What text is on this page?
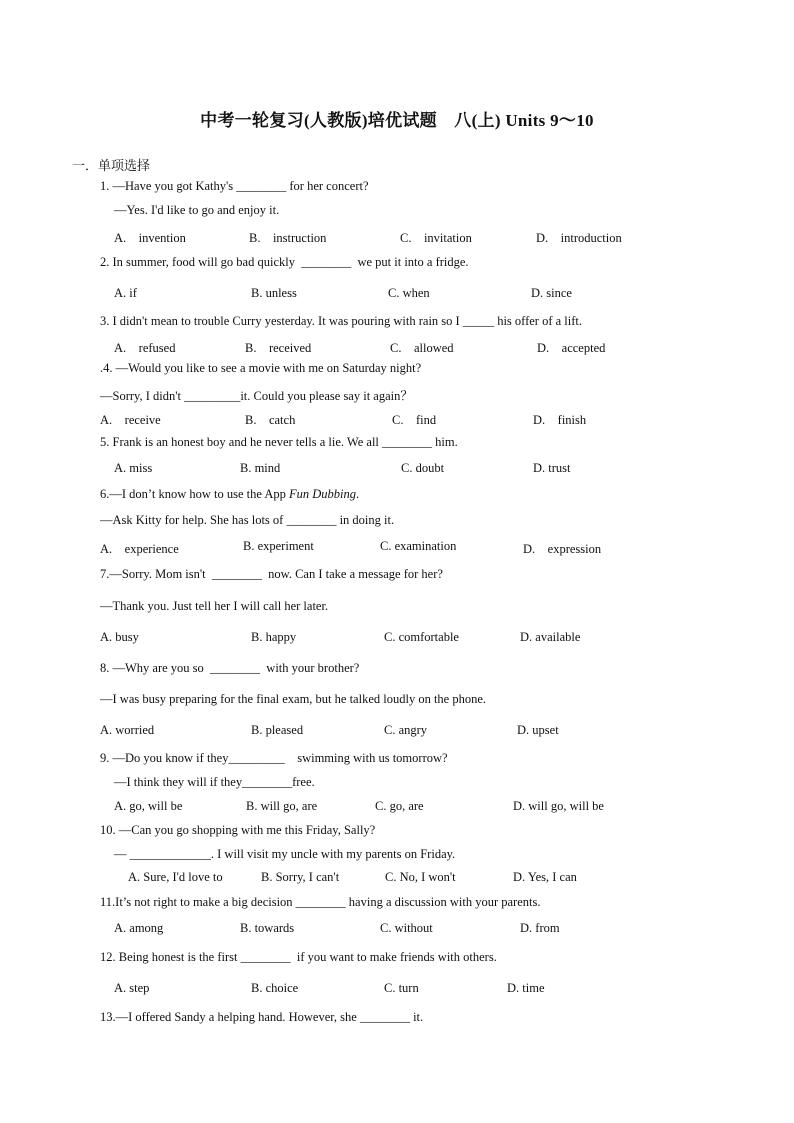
中考一轮复习(人教版)培优试题　八(上) Units 9～10
一．单项选择
1. —Have you got Kathy's ________ for her concert?
—Yes. I'd like to go and enjoy it.
A.　invention	B.　instruction	C.　invitation	D.　introduction
2. In summer, food will go bad quickly  ________  we put it into a fridge.
A. if	B. unless	C. when	D. since
3. I didn't mean to trouble Curry yesterday. It was pouring with rain so I _____ his offer of a lift.
A.　refused	B.　received	C.　allowed	D.　accepted
.4. —Would you like to see a movie with me on Saturday night?
—Sorry, I didn't _________it. Could you please say it again？
A.　receive	B.　catch	C.　find	D.　finish
5. Frank is an honest boy and he never tells a lie. We all ________ him.
A. miss	B. mind	C. doubt	D. trust
6.—I don’t know how to use the App Fun Dubbing.
—Ask Kitty for help. She has lots of ________ in doing it.
A.　experience	B. experiment	C. examination	D.　expression
7.—Sorry. Mom isn't  ________  now. Can I take a message for her?
—Thank you. Just tell her I will call her later.
A. busy	B. happy	C. comfortable	D. available
8. —Why are you so  ________  with your brother?
—I was busy preparing for the final exam, but he talked loudly on the phone.
A. worried	B. pleased	C. angry	D. upset
9. —Do you know if they_________    swimming with us tomorrow?
—I think they will if they________free.
A. go, will be	B. will go, are	C. go, are	D. will go, will be
10. —Can you go shopping with me this Friday, Sally?
— _____________. I will visit my uncle with my parents on Friday.
A. Sure, I'd love to	B. Sorry, I can't	C. No, I won't	D. Yes, I can
11.It’s not right to make a big decision ________ having a discussion with your parents.
A. among	B. towards	C. without	D. from
12. Being honest is the first ________  if you want to make friends with others.
A. step	B. choice	C. turn	D. time
13.—I offered Sandy a helping hand. However, she ________ it.
